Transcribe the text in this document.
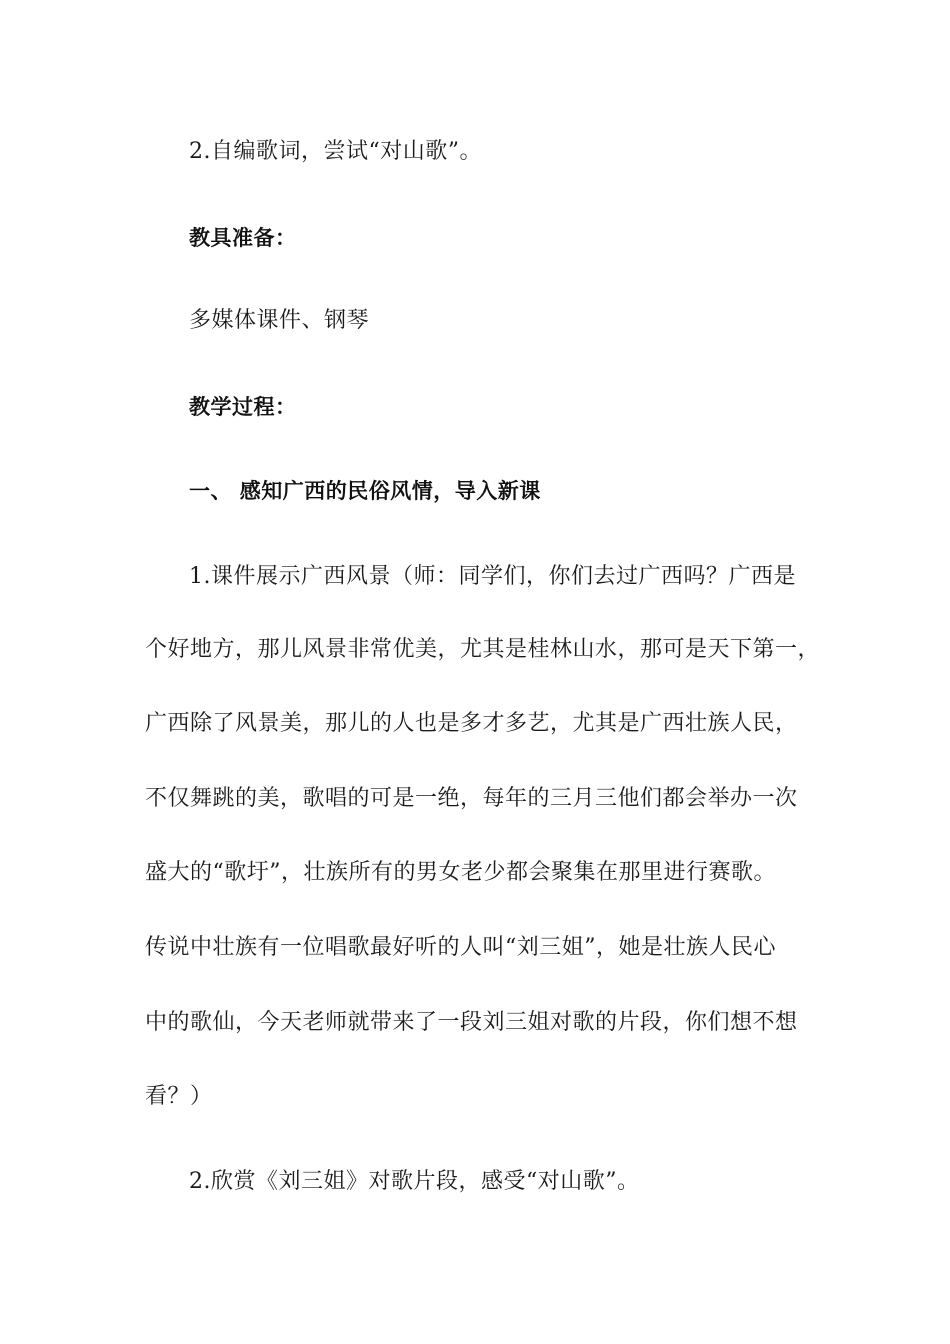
2.自编歌词，尝试“对山歌”。
教具准备：
多媒体课件、钢琴
教学过程：
一、 感知广西的民俗风情，导入新课
1.课件展示广西风景（师：同学们，你们去过广西吗？广西是
个好地方，那儿风景非常优美，尤其是桂林山水，那可是天下第一，
广西除了风景美，那儿的人也是多才多艺，尤其是广西壮族人民，
不仅舞跳的美，歌唱的可是一绝，每年的三月三他们都会举办一次
盛大的“歌圩”，壮族所有的男女老少都会聚集在那里进行赛歌。
传说中壮族有一位唱歌最好听的人叫“刘三姐”，她是壮族人民心
中的歌仙，今天老师就带来了一段刘三姐对歌的片段，你们想不想
看？）
2.欣赏《刘三姐》对歌片段，感受“对山歌”。
